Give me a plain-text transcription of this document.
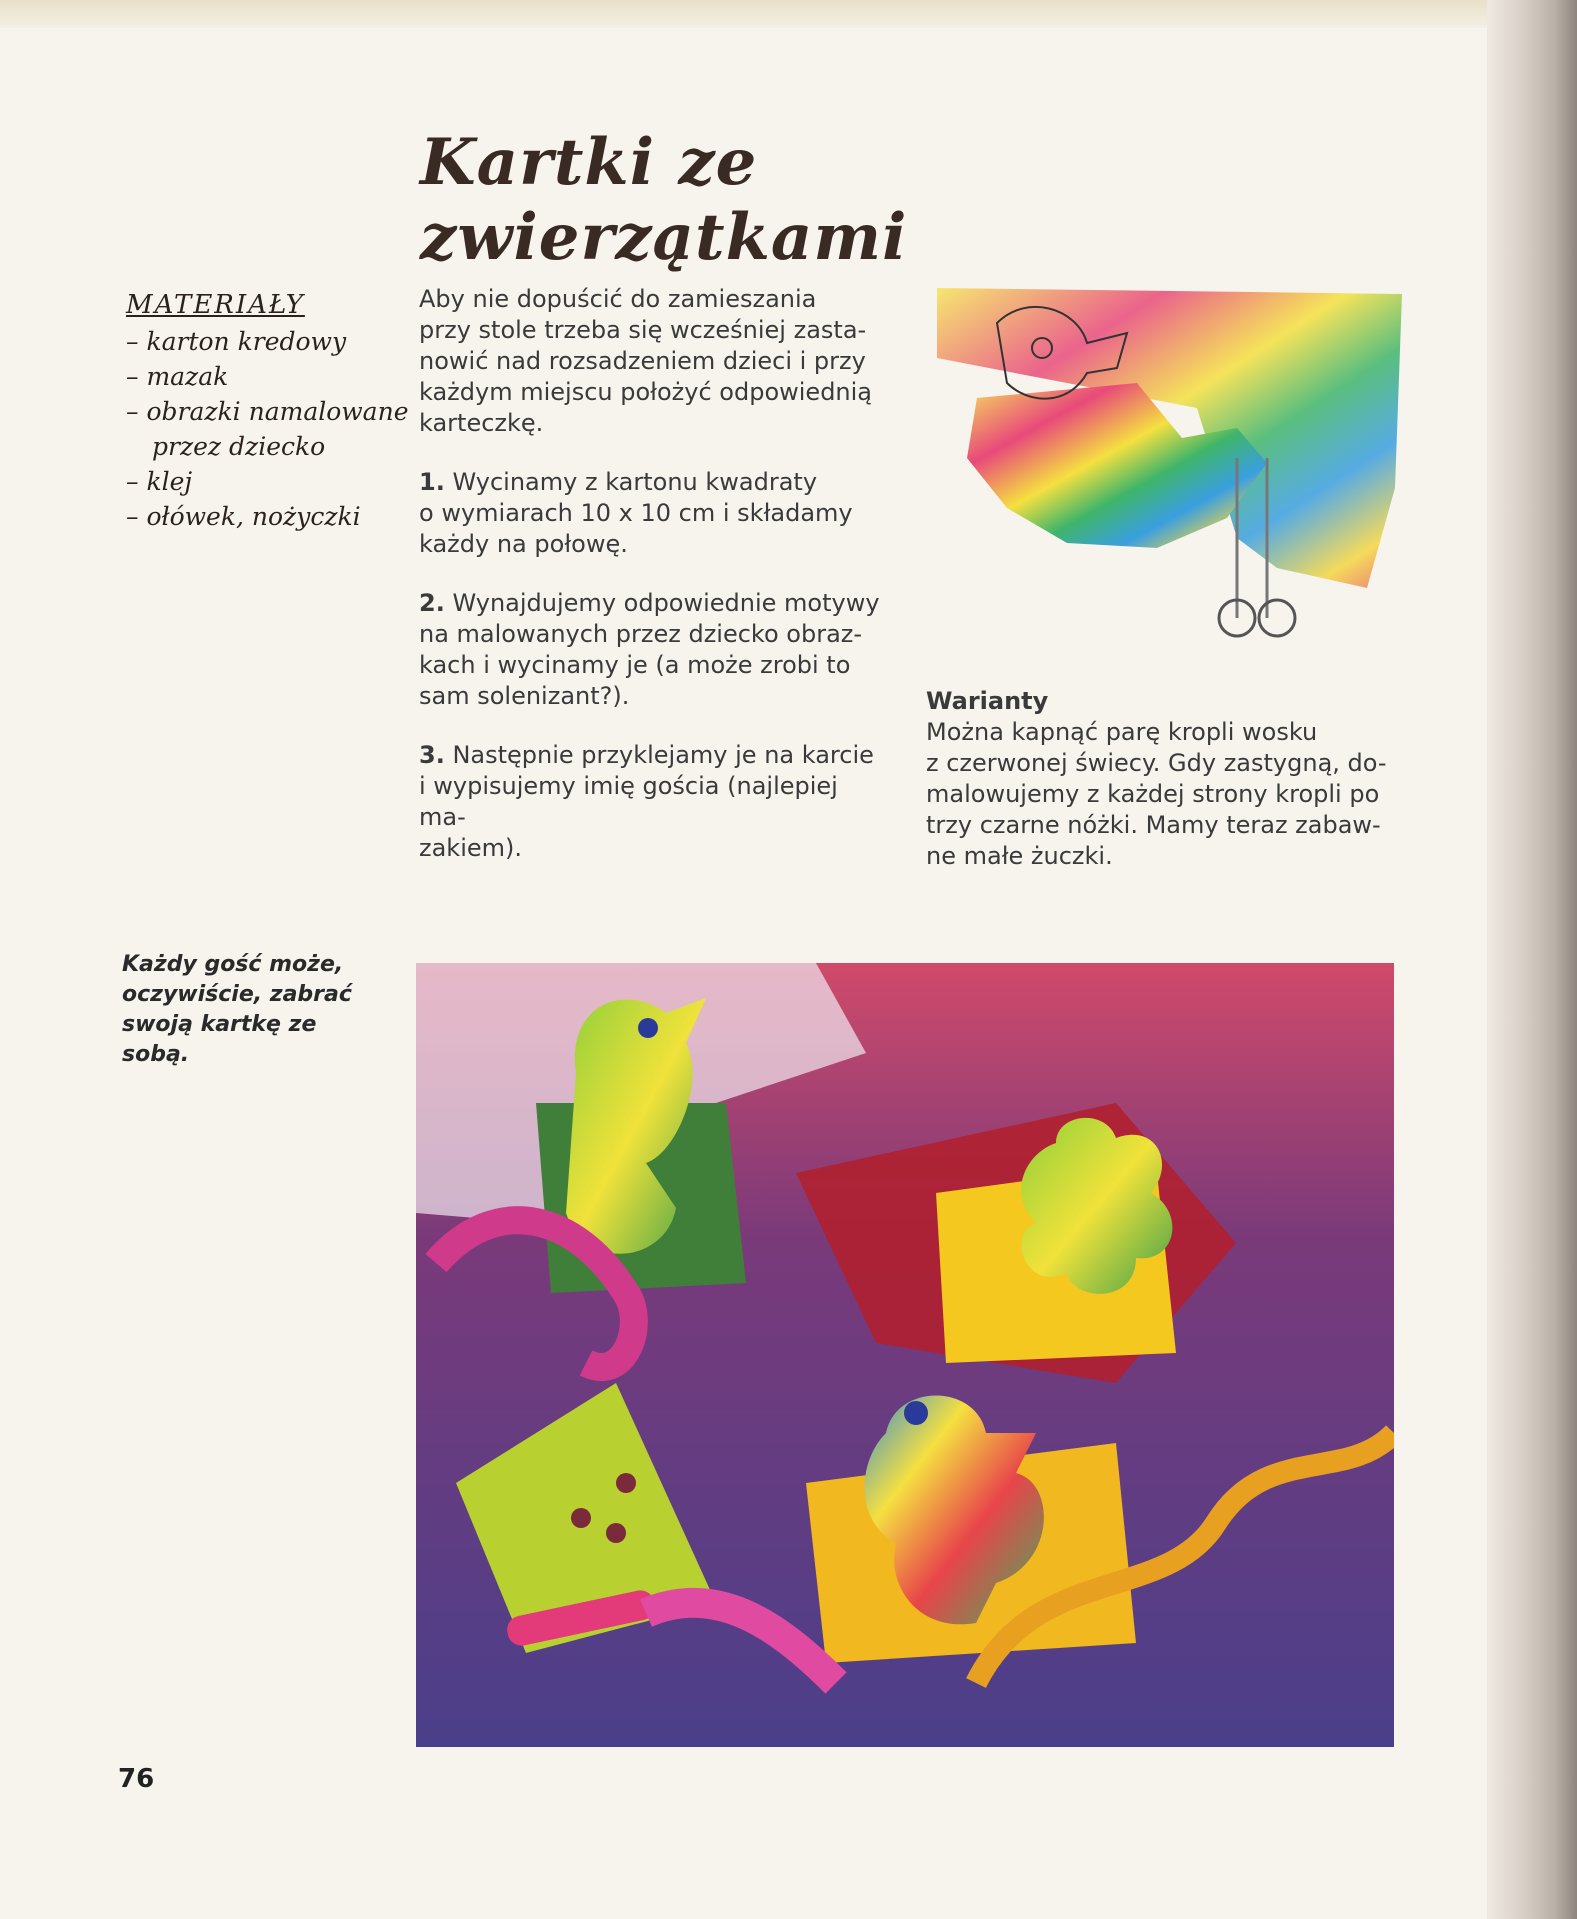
Kartki ze zwierzątkami
MATERIAŁY
– karton kredowy
– mazak
– obrazki namalowane
przez dziecko
– klej
– ołówek, nożyczki

Aby nie dopuścić do zamieszania
przy stole trzeba się wcześniej zasta-
nowić nad rozsadzeniem dzieci i przy
każdym miejscu położyć odpowiednią
karteczkę.

1. Wycinamy z kartonu kwadraty
o wymiarach 10 x 10 cm i składamy
każdy na połowę.

2. Wynajdujemy odpowiednie motywy
na malowanych przez dziecko obraz-
kach i wycinamy je (a może zrobi to
sam solenizant?).

3. Następnie przyklejamy je na karcie
i wypisujemy imię gościa (najlepiej ma-
zakiem).

Warianty
Można kapnąć parę kropli wosku
z czerwonej świecy. Gdy zastygną, do-
malowujemy z każdej strony kropli po
trzy czarne nóżki. Mamy teraz zabaw-
ne małe żuczki.
Każdy gość może,
oczywiście, zabrać
swoją kartkę ze sobą.
76
